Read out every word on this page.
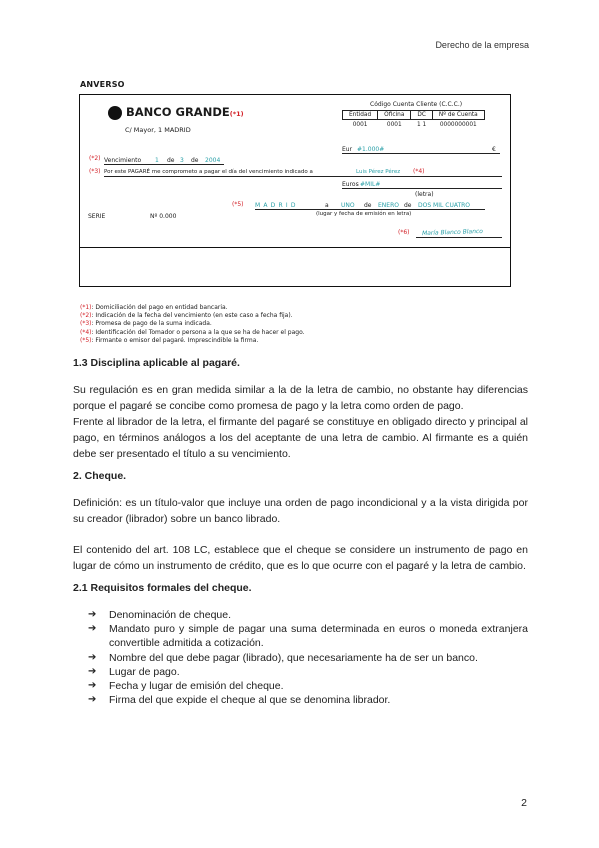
Derecho de la empresa
ANVERSO
BANCO GRANDE(*1)
C/ Mayor, 1 MADRID
Código Cuenta Cliente (C.C.C.)
Entidad	Oficina	DC	Nº de Cuenta
0001	0001	1 1	0000000001
Eur #1.000#	€
(*2) Vencimiento 1 de 3 de 2004
(*3) Por este PAGARÉ me comprometo a pagar el día del vencimiento indicado a	Luis Pérez Pérez (*4)
Euros #MIL#
(letra)
(*5) MADRID	a UNO de ENERO de DOS MIL CUATRO
(lugar y fecha de emisión en letra)
SERIE	Nº 0.000
(*6) María Blanco Blanco
(*1): Domiciliación del pago en entidad bancaria.
(*2): Indicación de la fecha del vencimiento (en este caso a fecha fija).
(*3): Promesa de pago de la suma indicada.
(*4): Identificación del Tomador o persona a la que se ha de hacer el pago.
(*5): Firmante o emisor del pagaré. Imprescindible la firma.
1.3 Disciplina aplicable al pagaré.
Su regulación es en gran medida similar a la de la letra de cambio, no obstante hay diferencias porque el pagaré se concibe como promesa de pago y la letra como orden de pago.
Frente al librador de la letra, el firmante del pagaré se constituye en obligado directo y principal al pago, en términos análogos a los del aceptante de una letra de cambio. Al firmante es a quién debe ser presentado el título a su vencimiento.
2. Cheque.
Definición: es un título-valor que incluye una orden de pago incondicional y a la vista dirigida por su creador (librador) sobre un banco librado.
El contenido del art. 108 LC, establece que el cheque se considere un instrumento de pago en lugar de cómo un instrumento de crédito, que es lo que ocurre con el pagaré y la letra de cambio.
2.1 Requisitos formales del cheque.
➔ Denominación de cheque.
➔ Mandato puro y simple de pagar una suma determinada en euros o moneda extranjera convertible admitida a cotización.
➔ Nombre del que debe pagar (librado), que necesariamente ha de ser un banco.
➔ Lugar de pago.
➔ Fecha y lugar de emisión del cheque.
➔ Firma del que expide el cheque al que se denomina librador.
2
